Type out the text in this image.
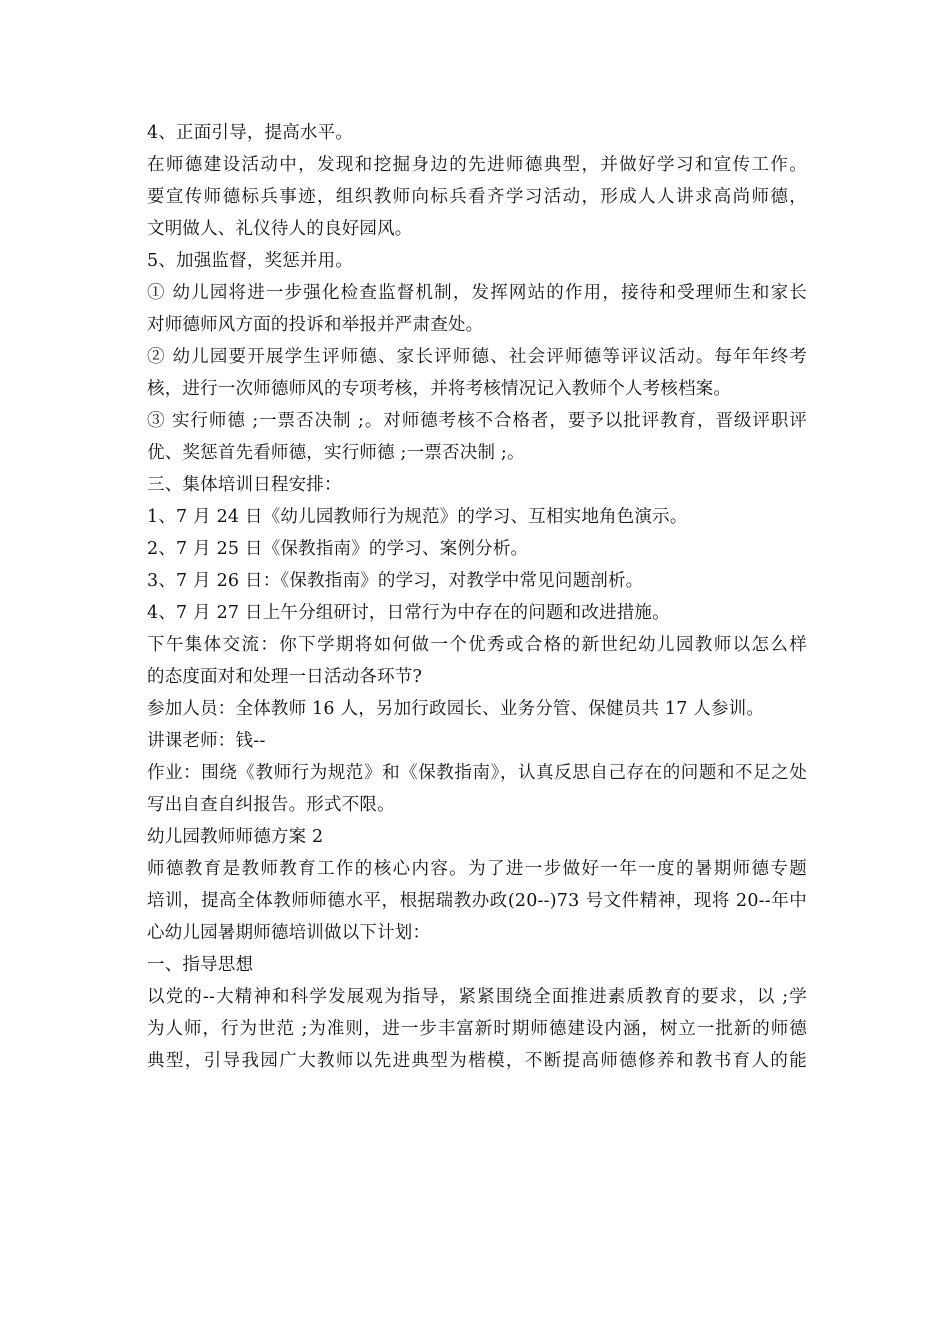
4、正面引导，提高水平。
在师德建设活动中，发现和挖掘身边的先进师德典型，并做好学习和宣传工作。
要宣传师德标兵事迹，组织教师向标兵看齐学习活动，形成人人讲求高尚师德，
文明做人、礼仪待人的良好园风。
5、加强监督，奖惩并用。
① 幼儿园将进一步强化检查监督机制，发挥网站的作用，接待和受理师生和家长
对师德师风方面的投诉和举报并严肃查处。
② 幼儿园要开展学生评师德、家长评师德、社会评师德等评议活动。每年年终考
核，进行一次师德师风的专项考核，并将考核情况记入教师个人考核档案。
③ 实行师德 ;一票否决制 ;。对师德考核不合格者，要予以批评教育，晋级评职评
优、奖惩首先看师德，实行师德 ;一票否决制 ;。
三、集体培训日程安排：
1、7 月 24 日《幼儿园教师行为规范》的学习、互相实地角色演示。
2、7 月 25 日《保教指南》的学习、案例分析。
3、7 月 26 日：《保教指南》的学习，对教学中常见问题剖析。
4、7 月 27 日上午分组研讨，日常行为中存在的问题和改进措施。
下午集体交流：你下学期将如何做一个优秀或合格的新世纪幼儿园教师以怎么样
的态度面对和处理一日活动各环节?
参加人员：全体教师 16 人，另加行政园长、业务分管、保健员共 17 人参训。
讲课老师：钱--
作业：围绕《教师行为规范》和《保教指南》，认真反思自己存在的问题和不足之处
写出自查自纠报告。形式不限。
幼儿园教师师德方案 2
师德教育是教师教育工作的核心内容。为了进一步做好一年一度的暑期师德专题
培训，提高全体教师师德水平，根据瑞教办政(20--)73 号文件精神，现将 20--年中
心幼儿园暑期师德培训做以下计划：
一、指导思想
以党的--大精神和科学发展观为指导，紧紧围绕全面推进素质教育的要求，以 ;学
为人师，行为世范 ;为准则，进一步丰富新时期师德建设内涵，树立一批新的师德
典型，引导我园广大教师以先进典型为楷模，不断提高师德修养和教书育人的能
